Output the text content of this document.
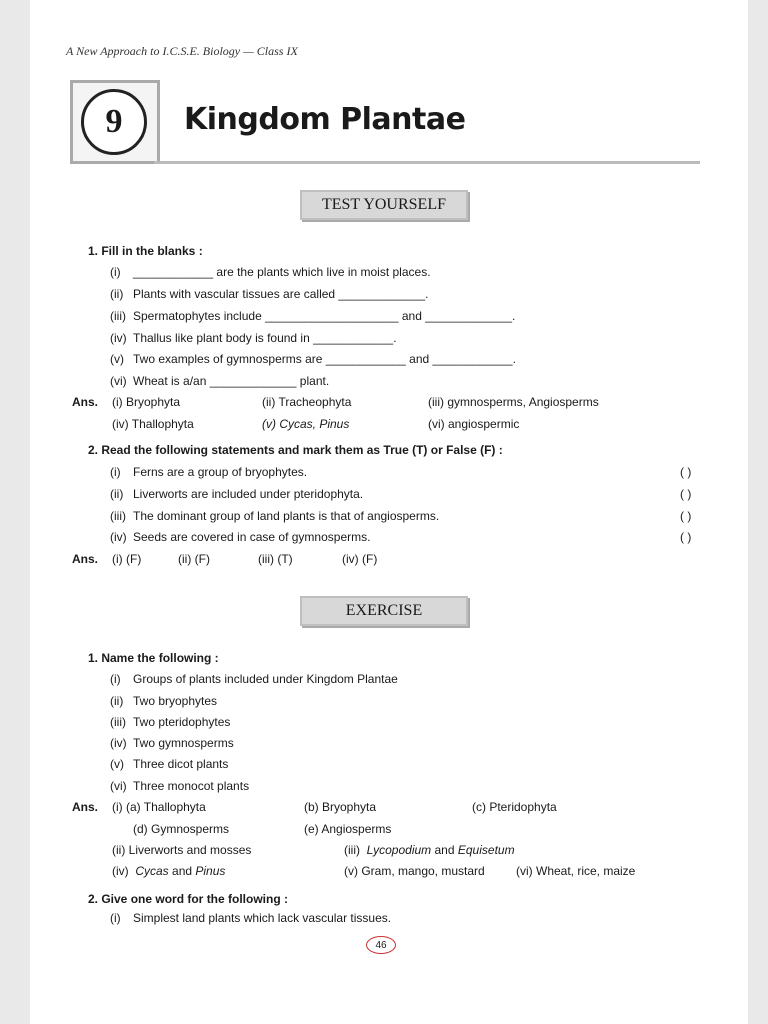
A New Approach to I.C.S.E. Biology — Class IX
9	Kingdom Plantae
TEST YOURSELF
1. Fill in the blanks :
(i) ____________ are the plants which live in moist places.
(ii) Plants with vascular tissues are called _____________.
(iii) Spermatophytes include ____________________ and _____________.
(iv) Thallus like plant body is found in ____________.
(v) Two examples of gymnosperms are ____________ and ____________.
(vi) Wheat is a/an _____________ plant.
Ans. (i) Bryophyta	(ii) Tracheophyta	(iii) gymnosperms, Angiosperms
(iv) Thallophyta	(v) Cycas, Pinus	(vi) angiospermic
2. Read the following statements and mark them as True (T) or False (F) :
(i) Ferns are a group of bryophytes.	( )
(ii) Liverworts are included under pteridophyta.	( )
(iii) The dominant group of land plants is that of angiosperms.	( )
(iv) Seeds are covered in case of gymnosperms.	( )
Ans. (i) (F)	(ii) (F)	(iii) (T)	(iv) (F)
EXERCISE
1. Name the following :
(i) Groups of plants included under Kingdom Plantae
(ii) Two bryophytes
(iii) Two pteridophytes
(iv) Two gymnosperms
(v) Three dicot plants
(vi) Three monocot plants
Ans. (i) (a) Thallophyta	(b) Bryophyta	(c) Pteridophyta
(d) Gymnosperms	(e) Angiosperms
(ii) Liverworts and mosses	(iii) Lycopodium and Equisetum
(iv) Cycas and Pinus	(v) Gram, mango, mustard	(vi) Wheat, rice, maize
2. Give one word for the following :
(i) Simplest land plants which lack vascular tissues.
46
